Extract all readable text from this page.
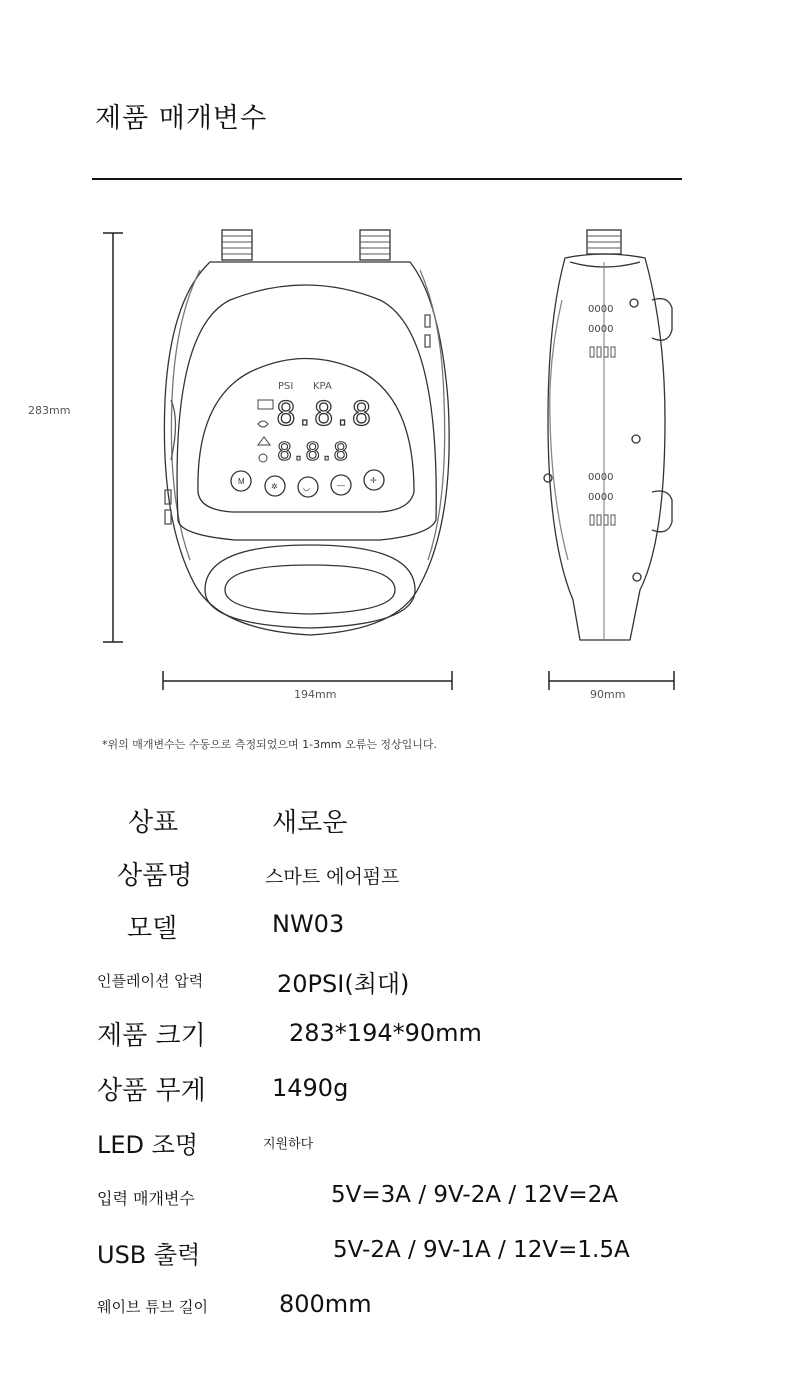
제품 매개변수
M
✲	◡	—
✛
PSI KPA
8.8.8
8.8.8
0000
0000
0000
0000
283mm
194mm	90mm
*위의 매개변수는 수동으로 측정되었으며 1-3mm 오류는 정상입니다.
상표	새로운
상품명	스마트 에어펌프
모델	NW03
인플레이션 압력	20PSI(최대)
제품 크기	283*194*90mm
상품 무게	1490g
LED 조명	지원하다
입력 매개변수	5V=3A / 9V-2A / 12V=2A
USB 출력	5V-2A / 9V-1A / 12V=1.5A
웨이브 튜브 길이	800mm
